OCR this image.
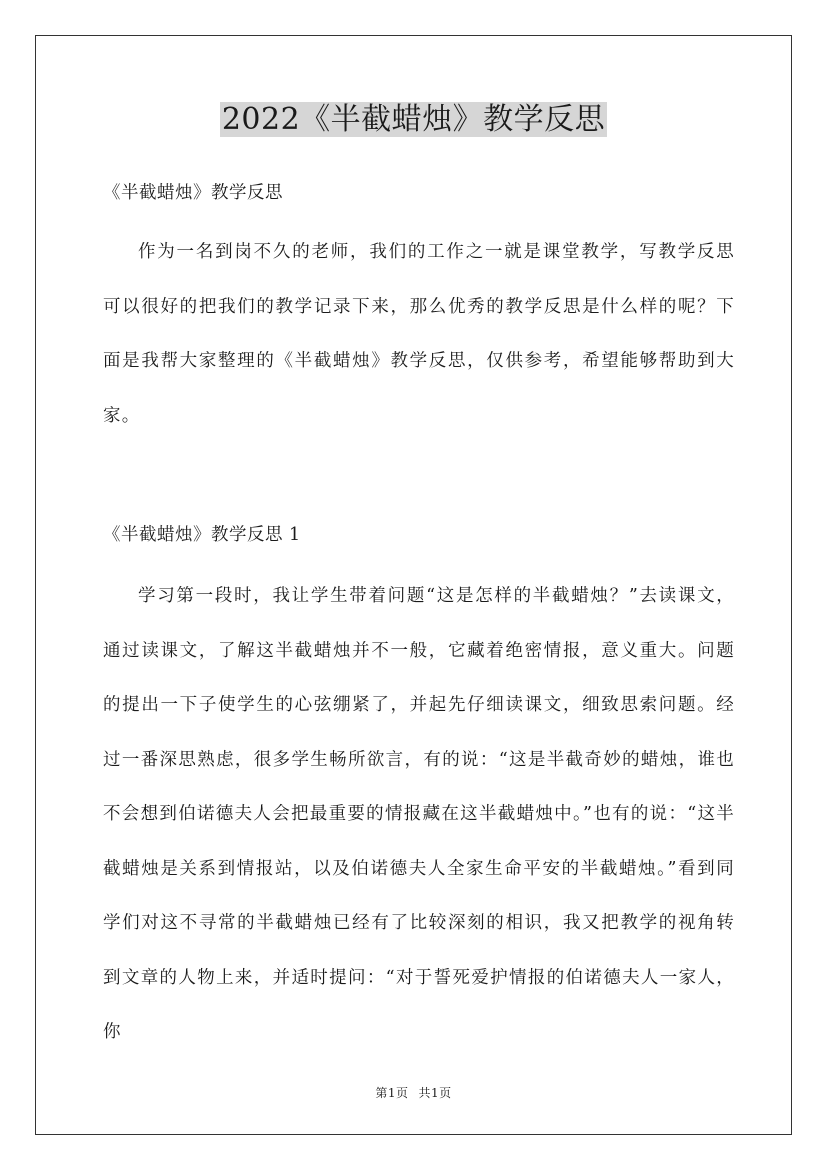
2022《半截蜡烛》教学反思

《半截蜡烛》教学反思

作为一名到岗不久的老师，我们的工作之一就是课堂教学，写教学反思可以很好的把我们的教学记录下来，那么优秀的教学反思是什么样的呢？下面是我帮大家整理的《半截蜡烛》教学反思，仅供参考，希望能够帮助到大家。

《半截蜡烛》教学反思 1

学习第一段时，我让学生带着问题“这是怎样的半截蜡烛？”去读课文，通过读课文，了解这半截蜡烛并不一般，它藏着绝密情报，意义重大。问题的提出一下子使学生的心弦绷紧了，并起先仔细读课文，细致思索问题。经过一番深思熟虑，很多学生畅所欲言，有的说：“这是半截奇妙的蜡烛，谁也不会想到伯诺德夫人会把最重要的情报藏在这半截蜡烛中。”也有的说：“这半截蜡烛是关系到情报站，以及伯诺德夫人全家生命平安的半截蜡烛。”看到同学们对这不寻常的半截蜡烛已经有了比较深刻的相识，我又把教学的视角转到文章的人物上来，并适时提问：“对于誓死爱护情报的伯诺德夫人一家人，你

第1页 共1页
